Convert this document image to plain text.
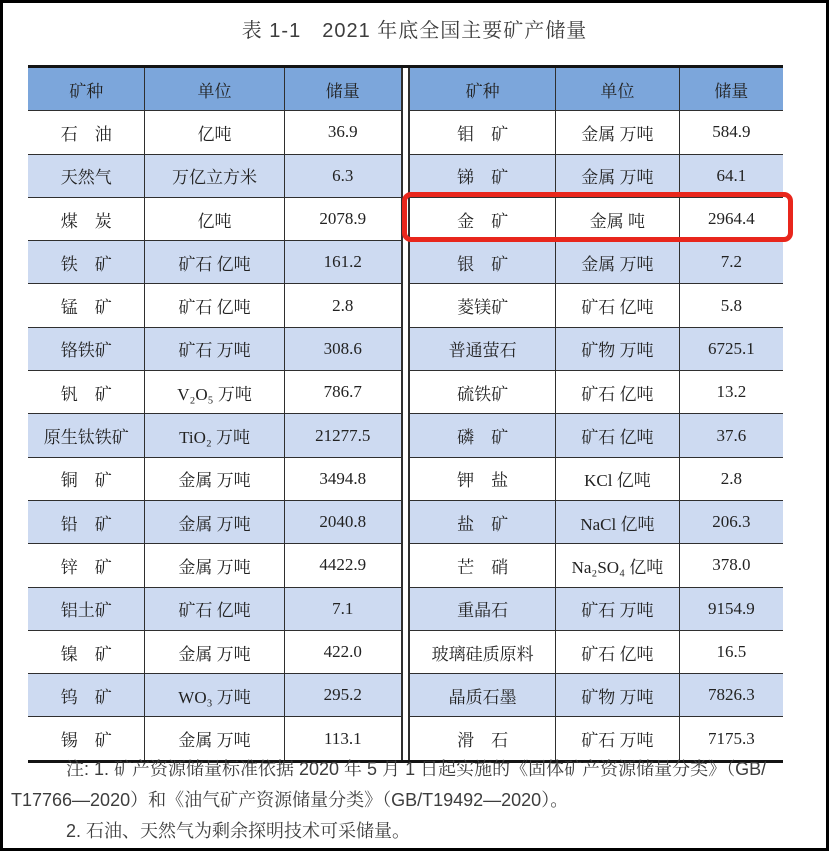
表 1-1　2021 年底全国主要矿产储量
矿种	单位	储量
石　油	亿吨	36.9
天然气	万亿立方米	6.3
煤　炭	亿吨	2078.9
铁　矿	矿石 亿吨	161.2
锰　矿	矿石 亿吨	2.8
铬铁矿	矿石 万吨	308.6
钒　矿	V₂O₅ 万吨	786.7
原生钛铁矿	TiO₂ 万吨	21277.5
铜　矿	金属 万吨	3494.8
铅　矿	金属 万吨	2040.8
锌　矿	金属 万吨	4422.9
铝土矿	矿石 亿吨	7.1
镍　矿	金属 万吨	422.0
钨　矿	WO₃ 万吨	295.2
锡　矿	金属 万吨	113.1
矿种	单位	储量
钼　矿	金属 万吨	584.9
锑　矿	金属 万吨	64.1
金　矿	金属 吨	2964.4
银　矿	金属 万吨	7.2
菱镁矿	矿石 亿吨	5.8
普通萤石	矿物 万吨	6725.1
硫铁矿	矿石 亿吨	13.2
磷　矿	矿石 亿吨	37.6
钾　盐	KCl 亿吨	2.8
盐　矿	NaCl 亿吨	206.3
芒　硝	Na₂SO₄ 亿吨	378.0
重晶石	矿石 万吨	9154.9
玻璃硅质原料	矿石 亿吨	16.5
晶质石墨	矿物 万吨	7826.3
滑　石	矿石 万吨	7175.3
注: 1. 矿产资源储量标准依据 2020 年 5 月 1 日起实施的《固体矿产资源储量分类》（GB/
T17766—2020）和《油气矿产资源储量分类》（GB/T19492—2020）。
2. 石油、天然气为剩余探明技术可采储量。
